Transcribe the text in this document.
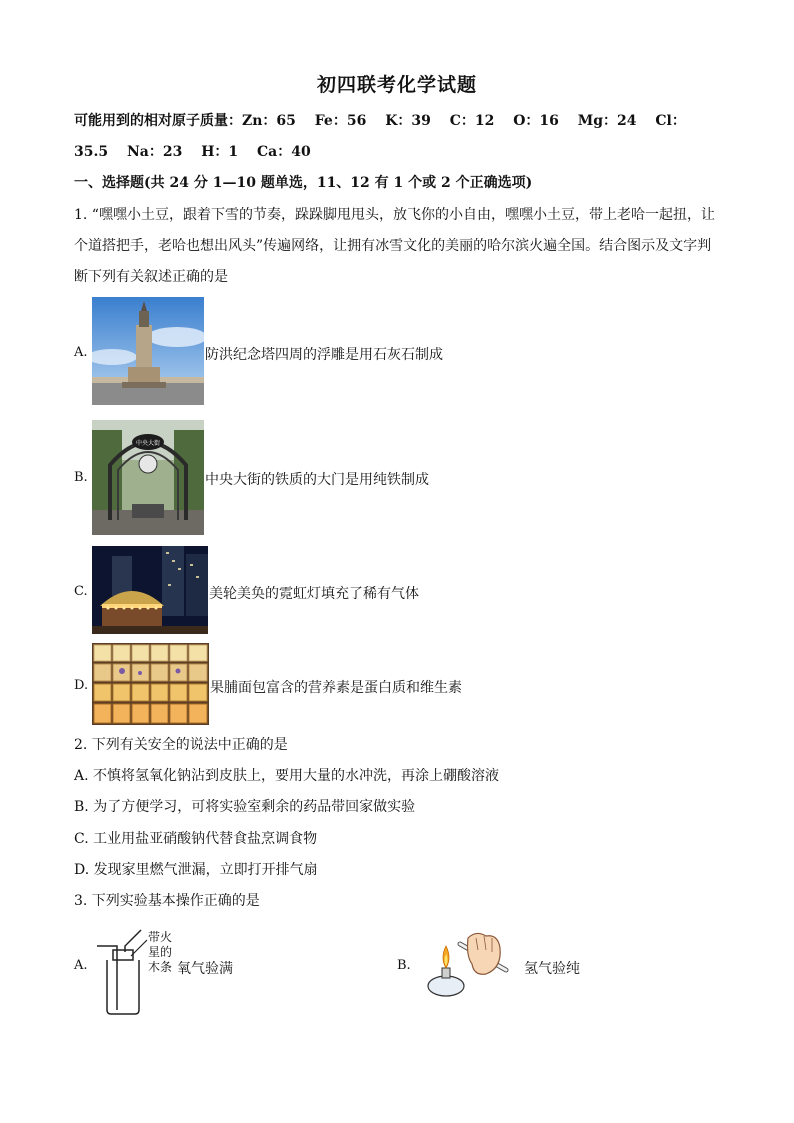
初四联考化学试题
可能用到的相对原子质量：Zn：65　 Fe：56　 K：39　 C：12　 O：16　 Mg：24　 Cl：
35.5　 Na：23　 H：1　 Ca：40
一、选择题(共 24 分 1—10 题单选，11、12 有 1 个或 2 个正确选项)
1. “嘿嘿小土豆，跟着下雪的节奏，跺跺脚甩甩头，放飞你的小自由，嘿嘿小土豆，带上老哈一起扭，让
个道搭把手，老哈也想出风头”传遍网络，让拥有冰雪文化的美丽的哈尔滨火遍全国。结合图示及文字判
断下列有关叙述正确的是
A.	防洪纪念塔四周的浮雕是用石灰石制成
B.
中央大街
中央大街的铁质的大门是用纯铁制成
C.	美轮美奂的霓虹灯填充了稀有气体
D.	果脯面包富含的营养素是蛋白质和维生素
2. 下列有关安全的说法中正确的是
A. 不慎将氢氧化钠沾到皮肤上，要用大量的水冲洗，再涂上硼酸溶液
B. 为了方便学习，可将实验室剩余的药品带回家做实验
C. 工业用盐亚硝酸钠代替食盐烹调食物
D. 发现家里燃气泄漏，立即打开排气扇
3. 下列实验基本操作正确的是
A.
带火
星的
木条 氧气验满	B.	氢气验纯
